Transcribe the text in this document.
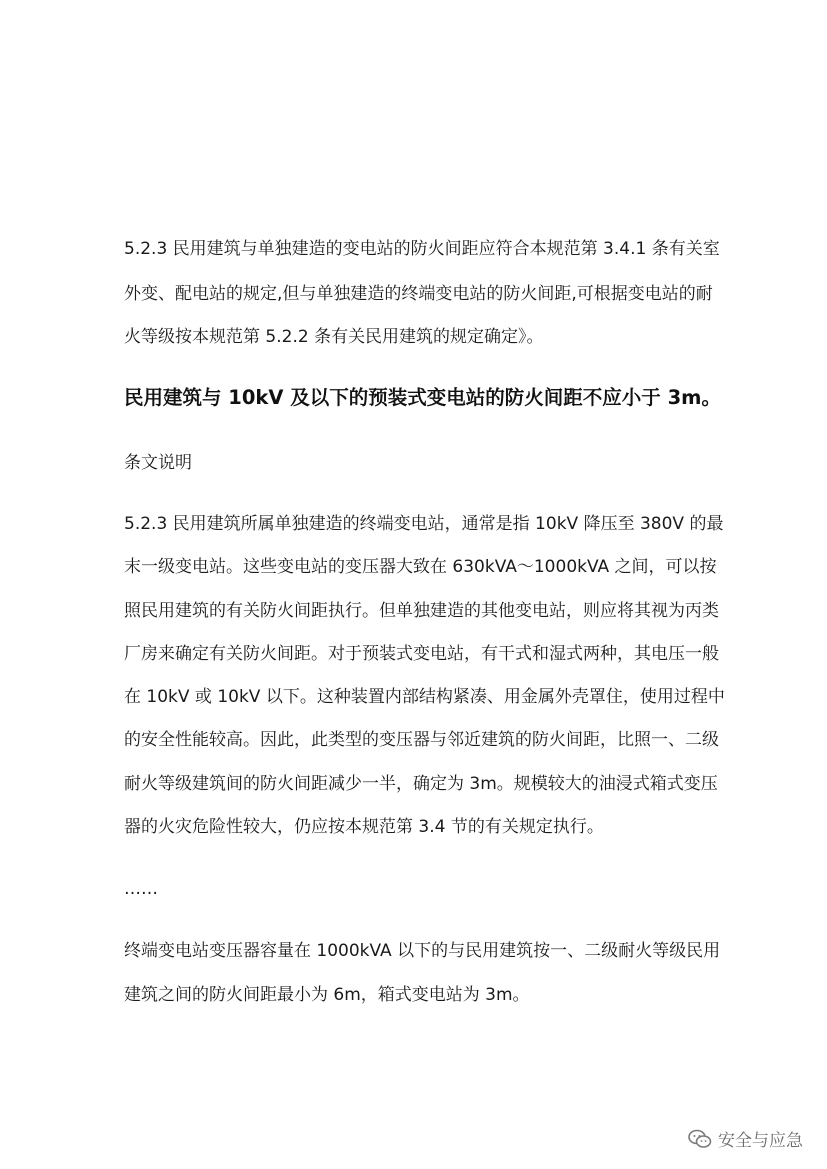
5.2.3 民用建筑与单独建造的变电站的防火间距应符合本规范第 3.4.1 条有关室
外变、配电站的规定,但与单独建造的终端变电站的防火间距,可根据变电站的耐
火等级按本规范第 5.2.2 条有关民用建筑的规定确定》。
民用建筑与 10kV 及以下的预装式变电站的防火间距不应小于 3m。
条文说明
5.2.3 民用建筑所属单独建造的终端变电站，通常是指 10kV 降压至 380V 的最
末一级变电站。这些变电站的变压器大致在 630kVA～1000kVA 之间，可以按
照民用建筑的有关防火间距执行。但单独建造的其他变电站，则应将其视为丙类
厂房来确定有关防火间距。对于预装式变电站，有干式和湿式两种，其电压一般
在 10kV 或 10kV 以下。这种装置内部结构紧凑、用金属外壳罩住，使用过程中
的安全性能较高。因此，此类型的变压器与邻近建筑的防火间距，比照一、二级
耐火等级建筑间的防火间距减少一半，确定为 3m。规模较大的油浸式箱式变压
器的火灾危险性较大，仍应按本规范第 3.4 节的有关规定执行。
……
终端变电站变压器容量在 1000kVA 以下的与民用建筑按一、二级耐火等级民用
建筑之间的防火间距最小为 6m，箱式变电站为 3m。
安全与应急
